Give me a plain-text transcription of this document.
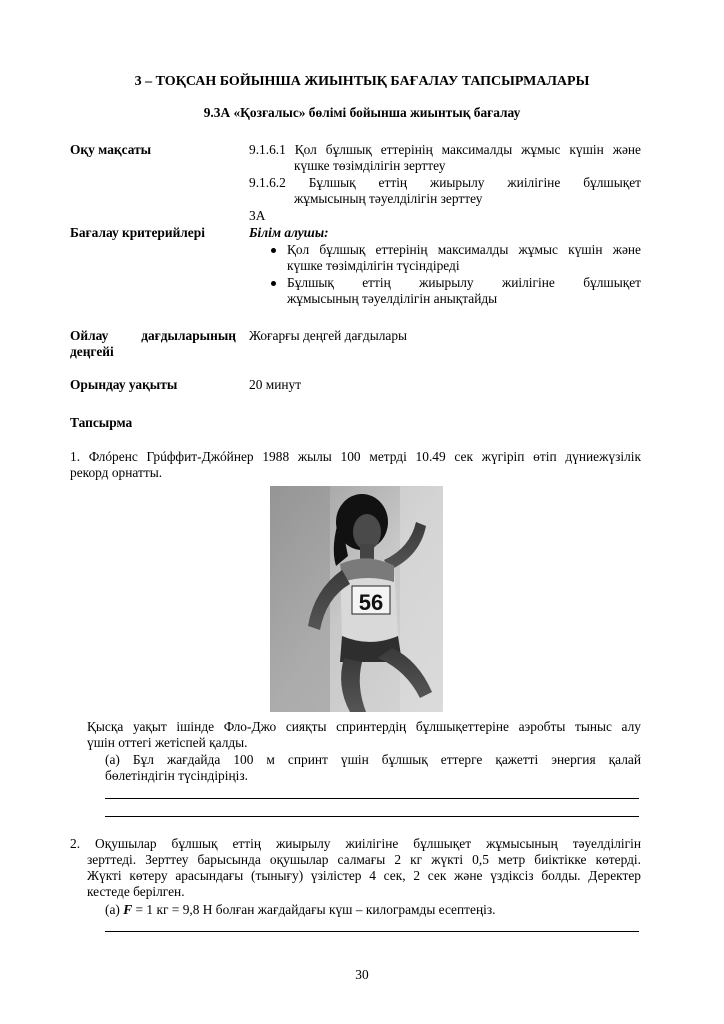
3 – ТОҚСАН БОЙЫНША ЖИЫНТЫҚ БАҒАЛАУ ТАПСЫРМАЛАРЫ
9.3А «Қозғалыс» бөлімі бойынша жиынтық бағалау
Оқу мақсаты	9.1.6.1 Қол бұлшық еттерінің максималды жұмыс күшін және
күшке төзімділігін зерттеу
9.1.6.2 Бұлшық еттің жиырылу жиілігіне бұлшықет
жұмысының тәуелділігін зерттеу
3А
Бағалау критерийлері	Білім алушы:
Қол бұлшық еттерінің максималды жұмыс күшін және
күшке төзімділігін түсіндіреді
Бұлшық еттің жиырылу жиілігіне бұлшықет
жұмысының тәуелділігін анықтайды
Ойлау дағдыларының
деңгейі
Жоғарғы деңгей дағдылары
Орындау уақыты	20 минут
Тапсырма
1. Флóренс Грúффит-Джóйнер 1988 жылы 100 метрді 10.49 сек жүгіріп өтіп дүниежүзілік
рекорд орнатты.
56
Қысқа уақыт ішінде Фло-Джо сияқты спринтердің бұлшықеттеріне аэробты тыныс алу
үшін оттегі жетіспей қалды.
(а) Бұл жағдайда 100 м спринт үшін бұлшық еттерге қажетті энергия қалай
бөлетіндігін түсіндіріңіз.
2. Оқушылар бұлшық еттің жиырылу жиілігіне бұлшықет жұмысының тәуелділігін
зерттеді. Зерттеу барысында оқушылар салмағы 2 кг жүкті 0,5 метр биіктікке көтерді.
Жүкті көтеру арасындағы (тынығу) үзілістер 4 сек, 2 сек және үздіксіз болды. Деректер
кестеде берілген.
(а) F = 1 кг = 9,8 Н болған жағдайдағы күш – килограмды есептеңіз.
30
